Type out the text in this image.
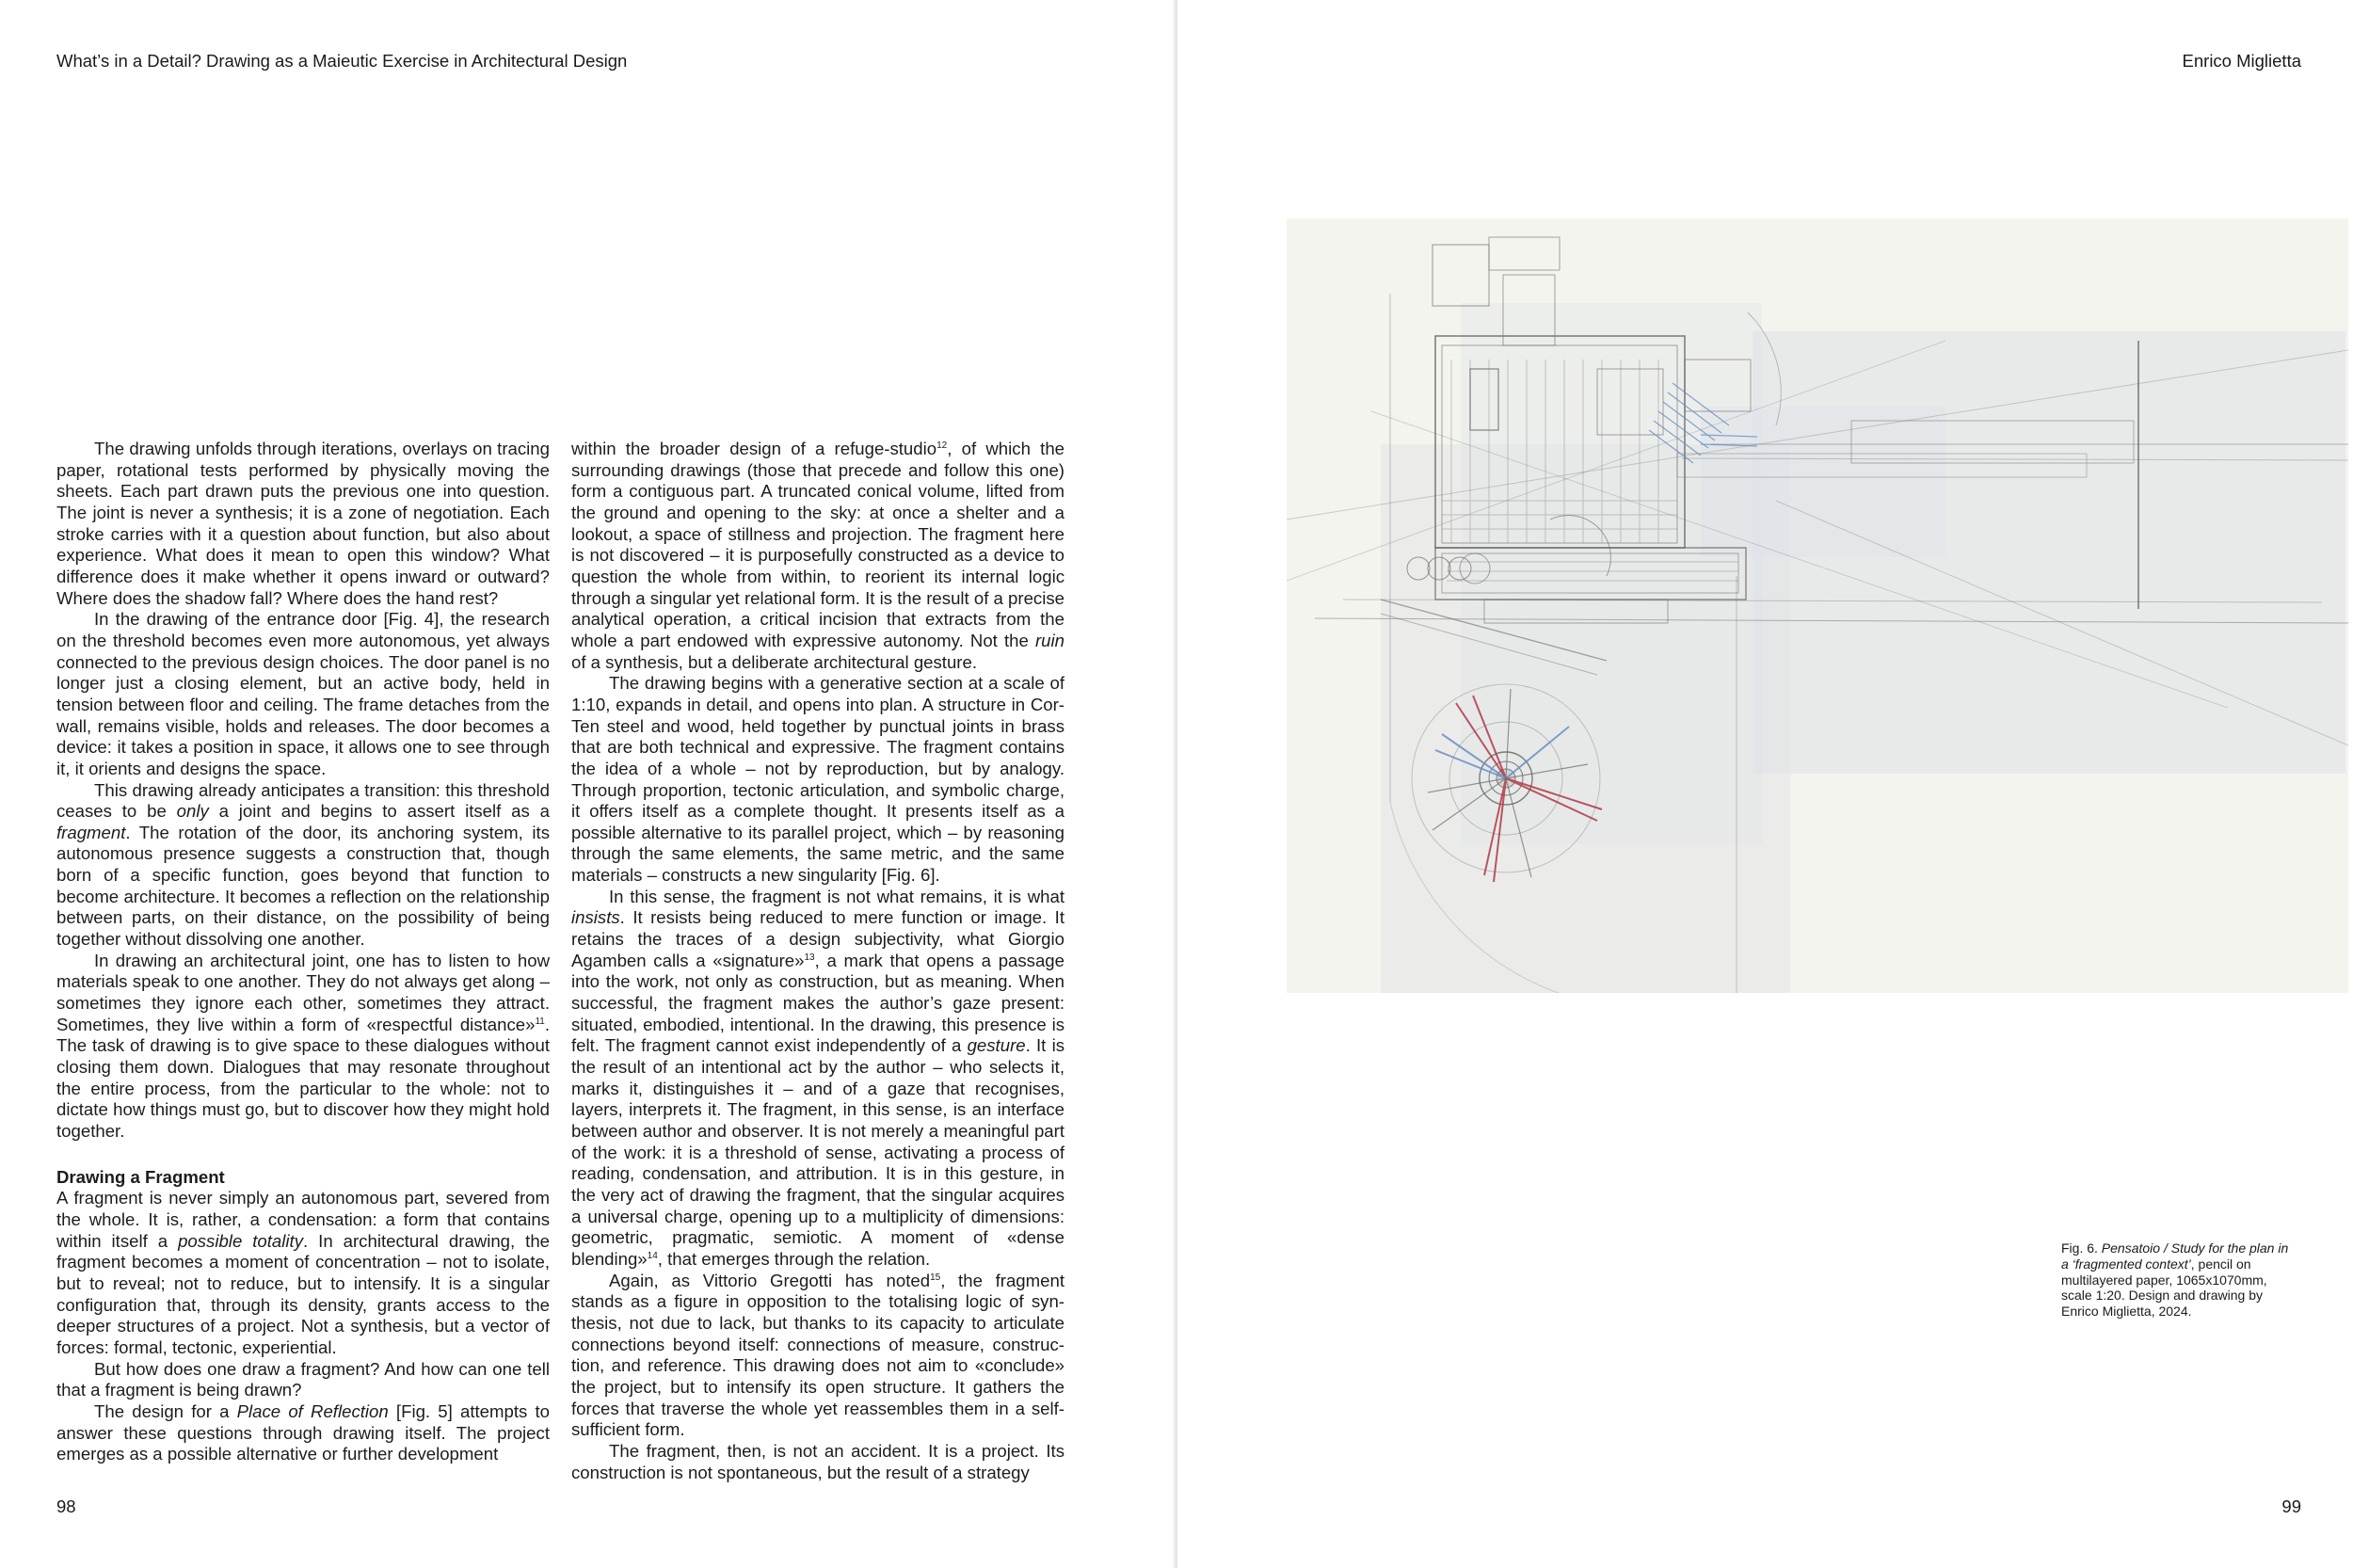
What’s in a Detail? Drawing as a Maieutic Exercise in Architectural Design

The drawing unfolds through iterations, overlays on tracing paper, rotational tests performed by physically moving the sheets. Each part drawn puts the previous one into question. The joint is never a synthesis; it is a zone of negotiation. Each stroke carries with it a question about function, but also about experience. What does it mean to open this window? What difference does it make whether it opens inward or outward? Where does the shadow fall? Where does the hand rest?

In the drawing of the entrance door [Fig. 4], the research on the threshold becomes even more autonomous, yet always connected to the previous design choices. The door panel is no longer just a closing element, but an active body, held in tension between floor and ceiling. The frame detaches from the wall, remains visible, holds and releases. The door becomes a device: it takes a position in space, it allows one to see through it, it orients and designs the space.

This drawing already anticipates a transition: this threshold ceases to be only a joint and begins to assert itself as a fragment. The rotation of the door, its anchoring system, its autonomous presence suggests a construction that, though born of a specific function, goes beyond that function to become architecture. It becomes a reflection on the relationship between parts, on their distance, on the possibility of being together without dissolving one another.

In drawing an architectural joint, one has to listen to how materials speak to one another. They do not always get along – sometimes they ignore each other, sometimes they attract. Sometimes, they live within a form of «respectful distance»$^{11}$. The task of drawing is to give space to these dialogues without closing them down. Dialogues that may resonate throughout the entire process, from the particular to the whole: not to dictate how things must go, but to discover how they might hold together.

Drawing a Fragment

A fragment is never simply an autonomous part, severed from the whole. It is, rather, a condensation: a form that contains within itself a possible totality. In architectural drawing, the fragment becomes a moment of concentration – not to isolate, but to reveal; not to reduce, but to intensify. It is a singular configuration that, through its density, grants access to the deeper structures of a project. Not a synthesis, but a vector of forces: formal, tectonic, experiential.

But how does one draw a fragment? And how can one tell that a fragment is being drawn?

The design for a Place of Reflection [Fig. 5] attempts to answer these questions through drawing itself. The project emerges as a possible alternative or further development

within the broader design of a refuge-studio$^{12}$, of which the surrounding drawings (those that precede and follow this one) form a contiguous part. A truncated conical volume, lifted from the ground and opening to the sky: at once a shelter and a lookout, a space of stillness and projection. The fragment here is not discovered – it is purposefully constructed as a device to question the whole from within, to reorient its internal logic through a singular yet relational form. It is the result of a precise analytical operation, a critical incision that extracts from the whole a part endowed with expressive autonomy. Not the ruin of a synthesis, but a deliberate architectural gesture.

The drawing begins with a generative section at a scale of 1:10, expands in detail, and opens into plan. A structure in Cor-Ten steel and wood, held together by punctual joints in brass that are both technical and expressive. The fragment contains the idea of a whole – not by reproduction, but by analogy. Through proportion, tectonic articulation, and symbolic charge, it offers itself as a complete thought. It presents itself as a possible alternative to its parallel project, which – by reasoning through the same elements, the same metric, and the same materials – constructs a new singularity [Fig. 6].

In this sense, the fragment is not what remains, it is what insists. It resists being reduced to mere function or image. It retains the traces of a design subjectivity, what Giorgio Agamben calls a «signature»$^{13}$, a mark that opens a passage into the work, not only as construction, but as meaning. When successful, the fragment makes the author’s gaze present: situated, embodied, intentional. In the drawing, this presence is felt. The fragment cannot exist independently of a gesture. It is the result of an intentional act by the author – who selects it, marks it, distinguishes it – and of a gaze that recognises, layers, interprets it. The fragment, in this sense, is an interface between author and observer. It is not merely a meaningful part of the work: it is a threshold of sense, activating a process of reading, condensation, and attribution. It is in this gesture, in the very act of drawing the fragment, that the singular acquires a universal charge, opening up to a multiplicity of dimensions: geometric, pragmatic, semiotic. A moment of «dense blending»$^{14}$, that emerges through the relation.

Again, as Vittorio Gregotti has noted$^{15}$, the fragment stands as a figure in opposition to the totalising logic of synthesis, not due to lack, but thanks to its capacity to articulate connections beyond itself: connections of measure, construction, and reference. This drawing does not aim to «conclude» the project, but to intensify its open structure. It gathers the forces that traverse the whole yet reassembles them in a self-sufficient form.

The fragment, then, is not an accident. It is a project. Its construction is not spontaneous, but the result of a strategy

98
Enrico Miglietta
Fig. 6. Pensatoio / Study for the plan in a ‘fragmented context’, pencil on multilayered paper, 1065x1070mm, scale 1:20. Design and drawing by Enrico Miglietta, 2024.
99
